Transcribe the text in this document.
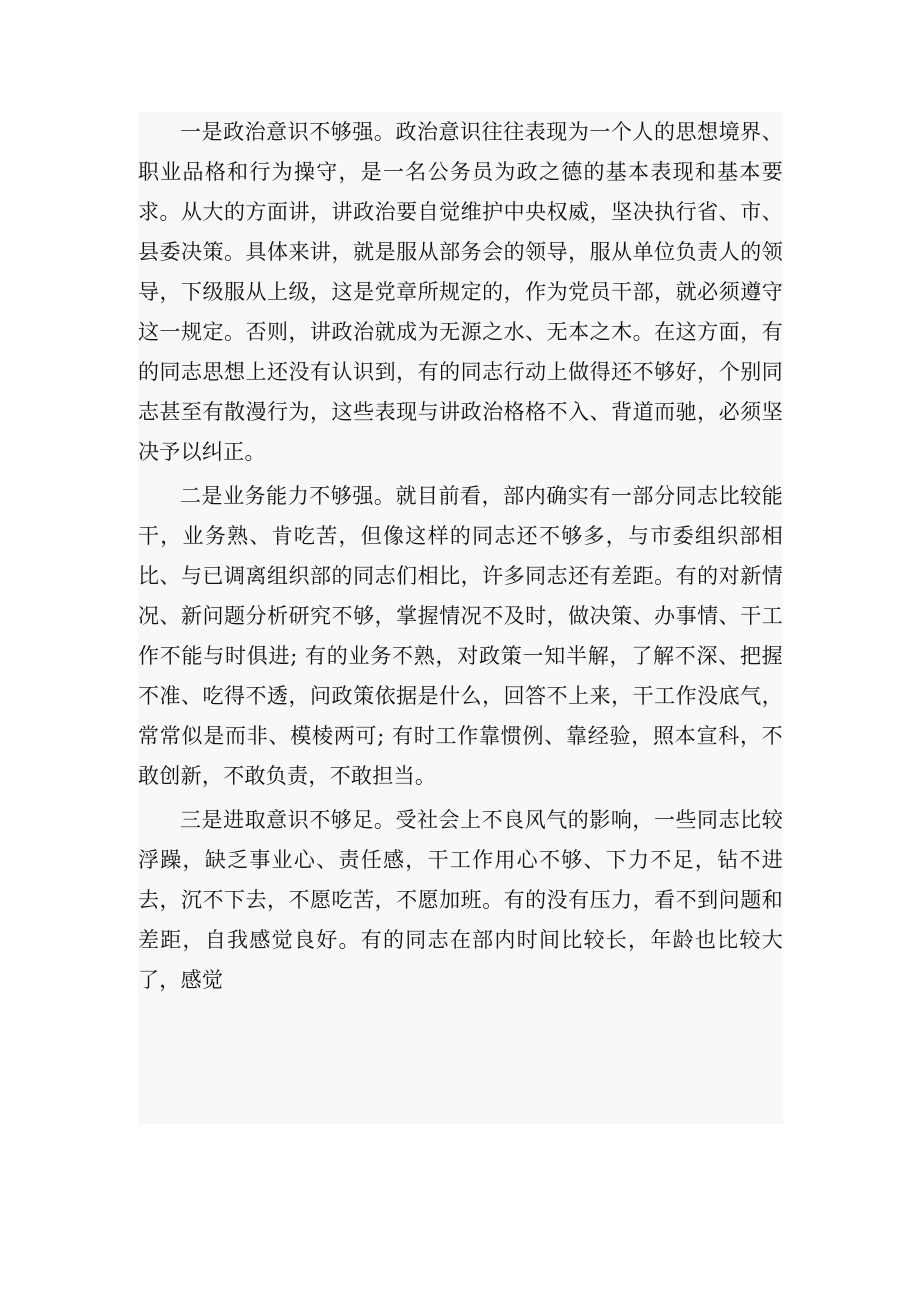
一是政治意识不够强。政治意识往往表现为一个人的思想境界、职业品格和行为操守，是一名公务员为政之德的基本表现和基本要求。从大的方面讲，讲政治要自觉维护中央权威，坚决执行省、市、县委决策。具体来讲，就是服从部务会的领导，服从单位负责人的领导，下级服从上级，这是党章所规定的，作为党员干部，就必须遵守这一规定。否则，讲政治就成为无源之水、无本之木。在这方面，有的同志思想上还没有认识到，有的同志行动上做得还不够好，个别同志甚至有散漫行为，这些表现与讲政治格格不入、背道而驰，必须坚决予以纠正。

二是业务能力不够强。就目前看，部内确实有一部分同志比较能干，业务熟、肯吃苦，但像这样的同志还不够多，与市委组织部相比、与已调离组织部的同志们相比，许多同志还有差距。有的对新情况、新问题分析研究不够，掌握情况不及时，做决策、办事情、干工作不能与时俱进; 有的业务不熟，对政策一知半解，了解不深、把握不准、吃得不透，问政策依据是什么，回答不上来，干工作没底气，常常似是而非、模棱两可; 有时工作靠惯例、靠经验，照本宣科，不敢创新，不敢负责，不敢担当。

三是进取意识不够足。受社会上不良风气的影响，一些同志比较浮躁，缺乏事业心、责任感，干工作用心不够、下力不足，钻不进去，沉不下去，不愿吃苦，不愿加班。有的没有压力，看不到问题和差距，自我感觉良好。有的同志在部内时间比较长，年龄也比较大了，感觉
